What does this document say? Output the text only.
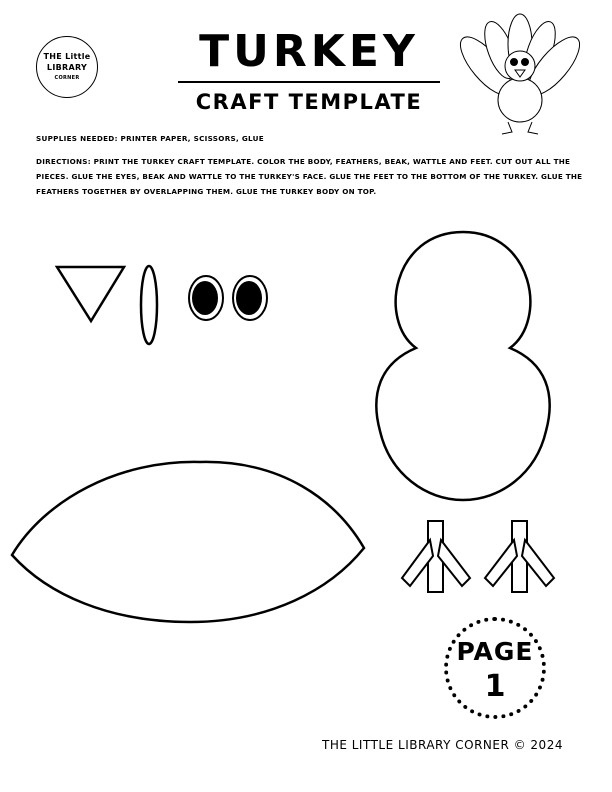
THE Little
LIBRARY
CORNER
TURKEY
CRAFT TEMPLATE
SUPPLIES NEEDED: PRINTER PAPER, SCISSORS, GLUE
DIRECTIONS: PRINT THE TURKEY CRAFT TEMPLATE. COLOR THE BODY, FEATHERS, BEAK, WATTLE AND FEET. CUT OUT ALL THE PIECES. GLUE THE EYES, BEAK AND WATTLE TO THE TURKEY'S FACE. GLUE THE FEET TO THE BOTTOM OF THE TURKEY. GLUE THE FEATHERS TOGETHER BY OVERLAPPING THEM. GLUE THE TURKEY BODY ON TOP.
PAGE
1
THE LITTLE LIBRARY CORNER © 2024
